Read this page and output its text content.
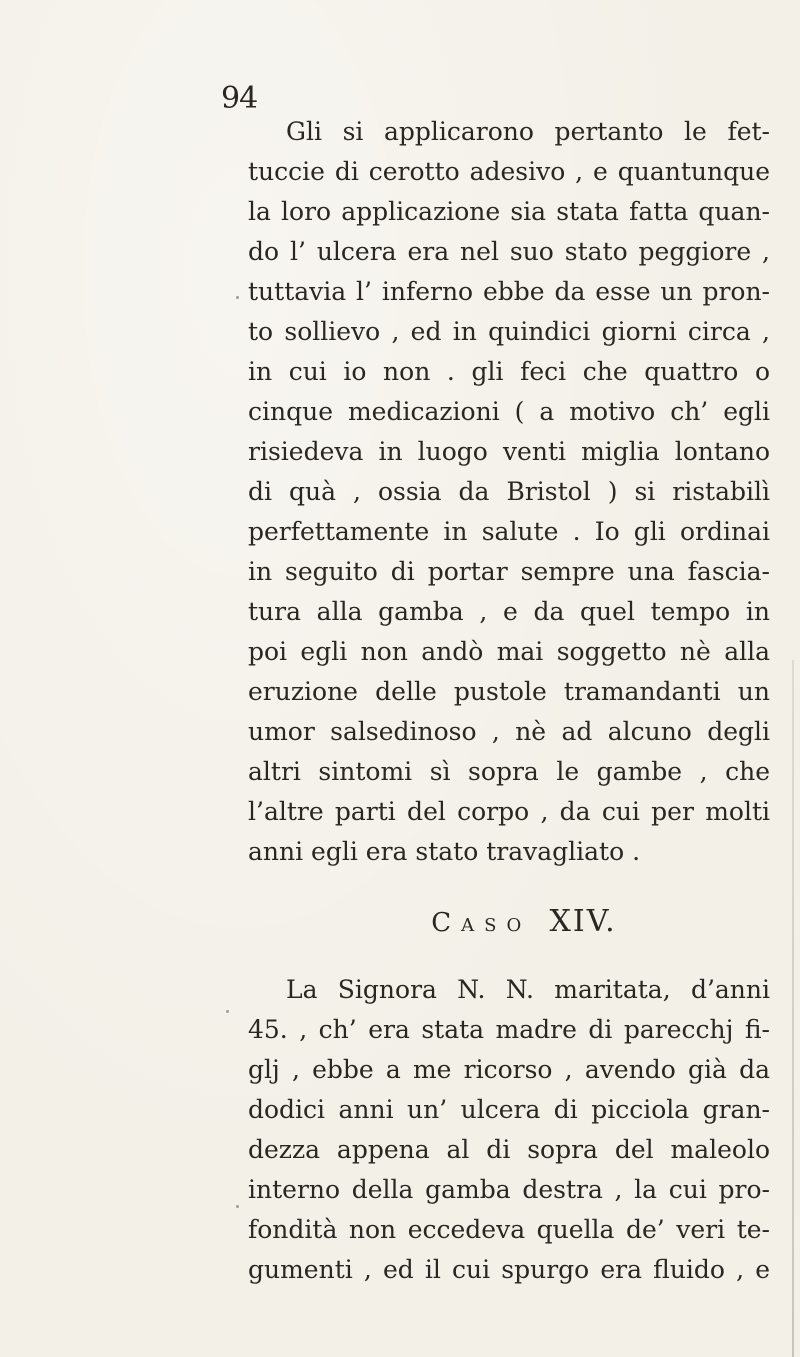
94
Gli si applicarono pertanto le fet-
tuccie di cerotto adesivo , e quantunque
la loro applicazione sia stata fatta quan-
do l’ ulcera era nel suo stato peggiore ,
tuttavia l’ inferno ebbe da esse un pron-
to sollievo , ed in quindici giorni circa ,
in cui io non . gli feci che quattro o
cinque medicazioni ( a motivo ch’ egli
risiedeva in luogo venti miglia lontano
di quà , ossia da Bristol ) si ristabilì
perfettamente in salute . Io gli ordinai
in seguito di portar sempre una fascia-
tura alla gamba , e da quel tempo in
poi egli non andò mai soggetto nè alla
eruzione delle pustole tramandanti un
umor salsedinoso , nè ad alcuno degli
altri sintomi sì sopra le gambe , che
l’altre parti del corpo , da cui per molti
anni egli era stato travagliato .
Caso XIV.
La Signora N. N. maritata, d’anni
45. , ch’ era stata madre di parecchj fi-
glj , ebbe a me ricorso , avendo già da
dodici anni un’ ulcera di picciola gran-
dezza appena al di sopra del maleolo
interno della gamba destra , la cui pro-
fondità non eccedeva quella de’ veri te-
gumenti , ed il cui spurgo era fluido , e
